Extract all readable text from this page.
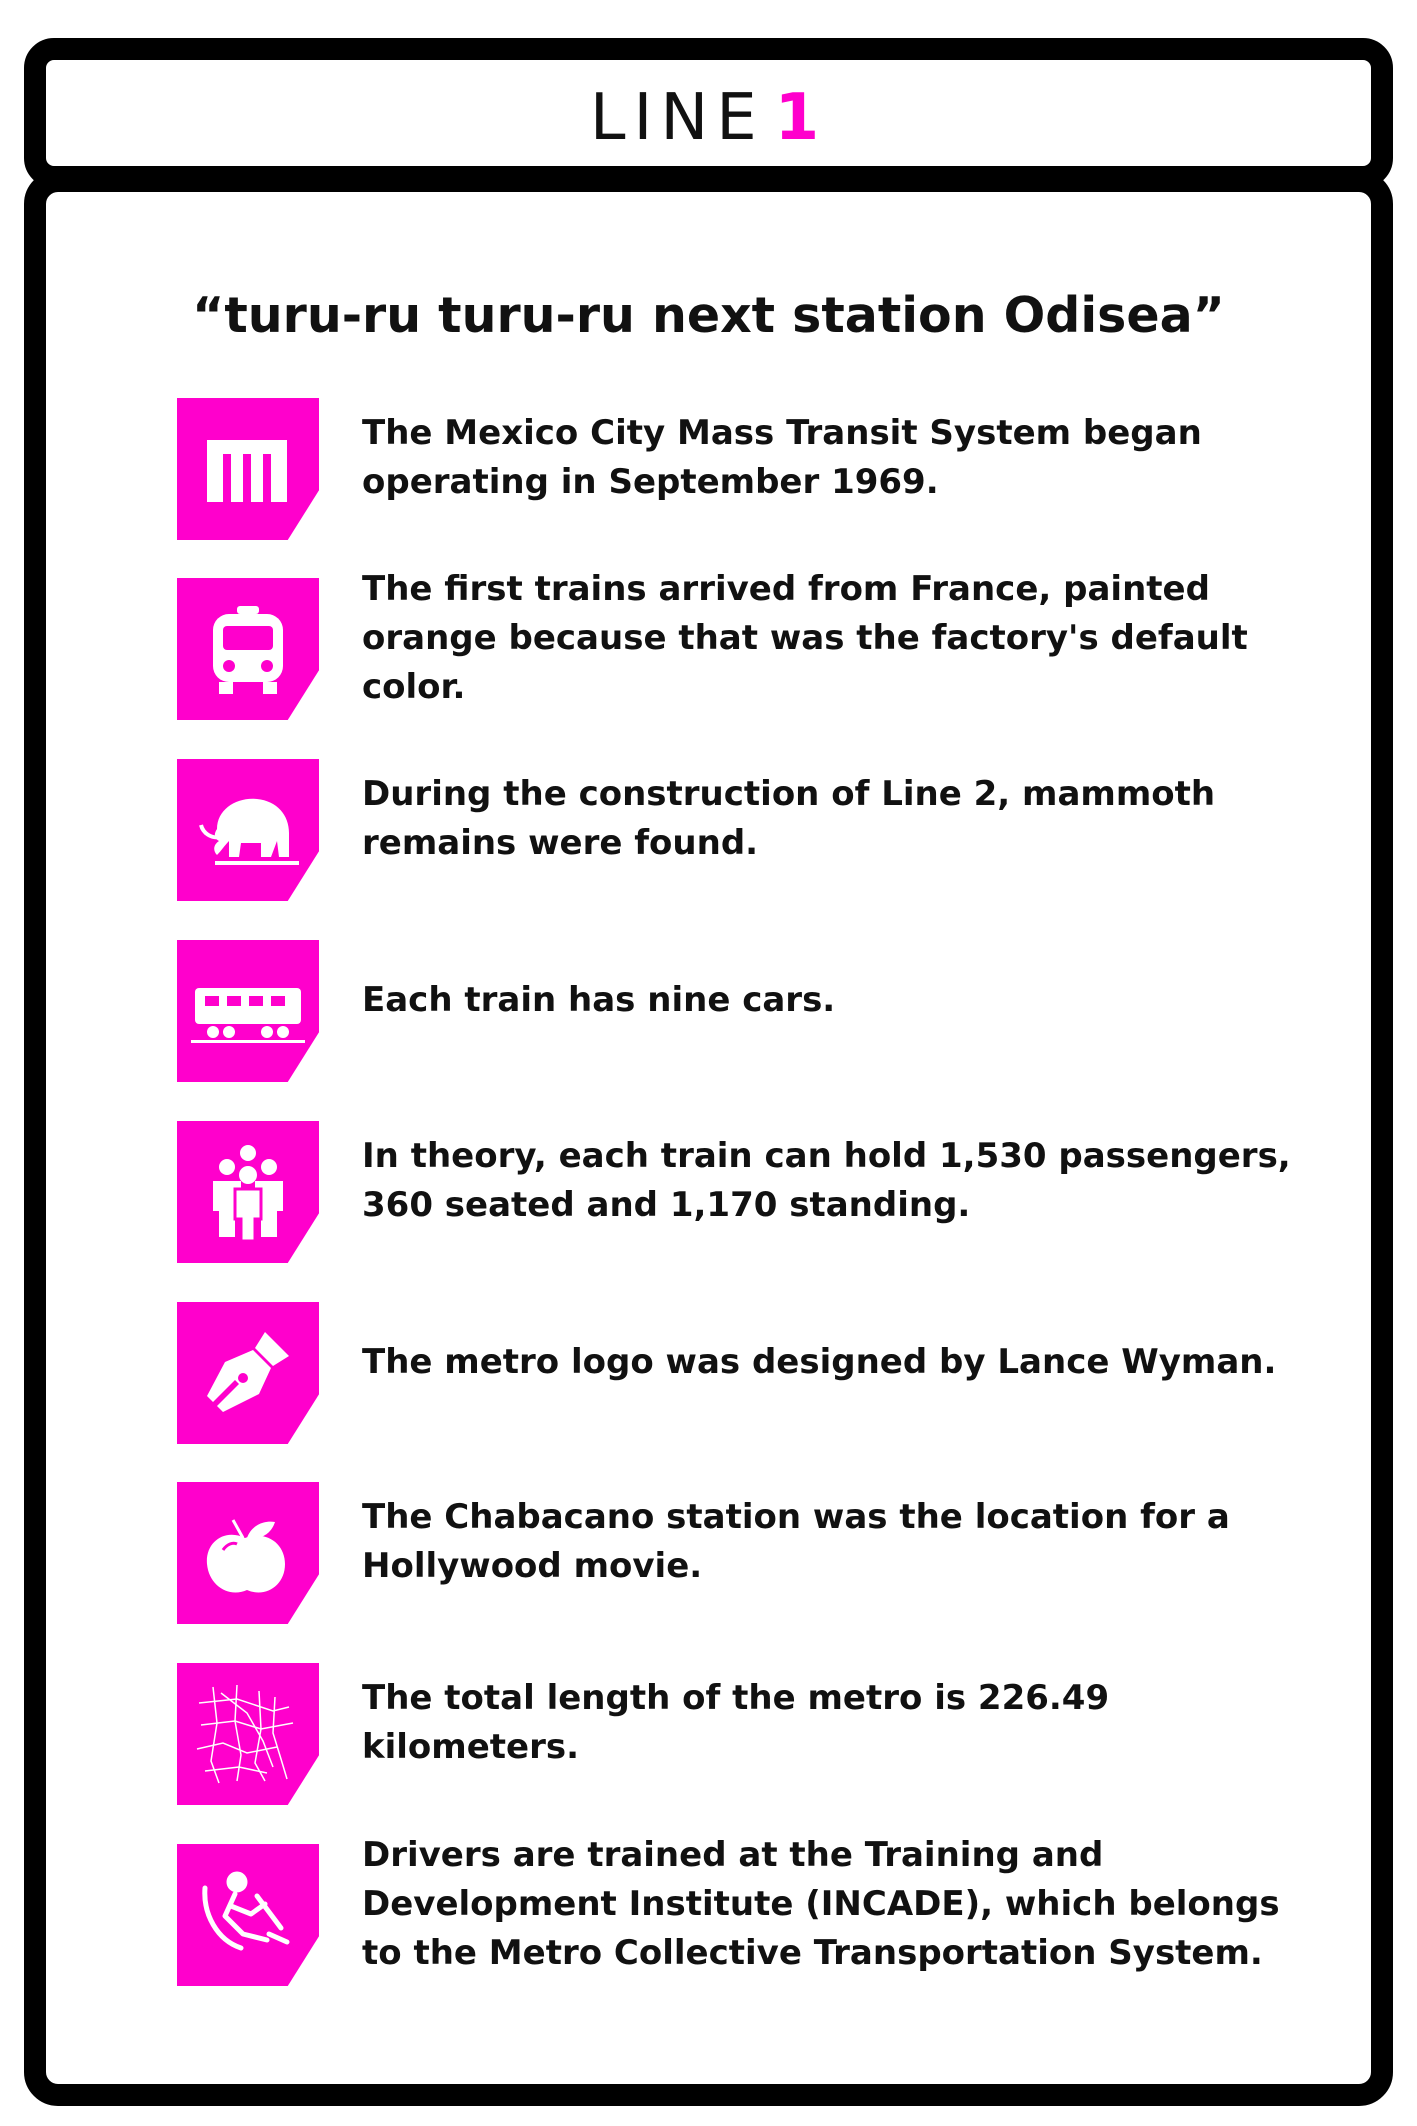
LINE 1
“turu-ru turu-ru next station Odisea”
The Mexico City Mass Transit System began operating in September 1969.
The first trains arrived from France, painted orange because that was the factory's default color.
During the construction of Line 2, mammoth remains were found.
Each train has nine cars.
In theory, each train can hold 1,530 passengers, 360 seated and 1,170 standing.
The metro logo was designed by Lance Wyman.
The Chabacano station was the location for a Hollywood movie.
The total length of the metro is 226.49 kilometers.
Drivers are trained at the Training and Development Institute (INCADE), which belongs to the Metro Collective Transportation System.
